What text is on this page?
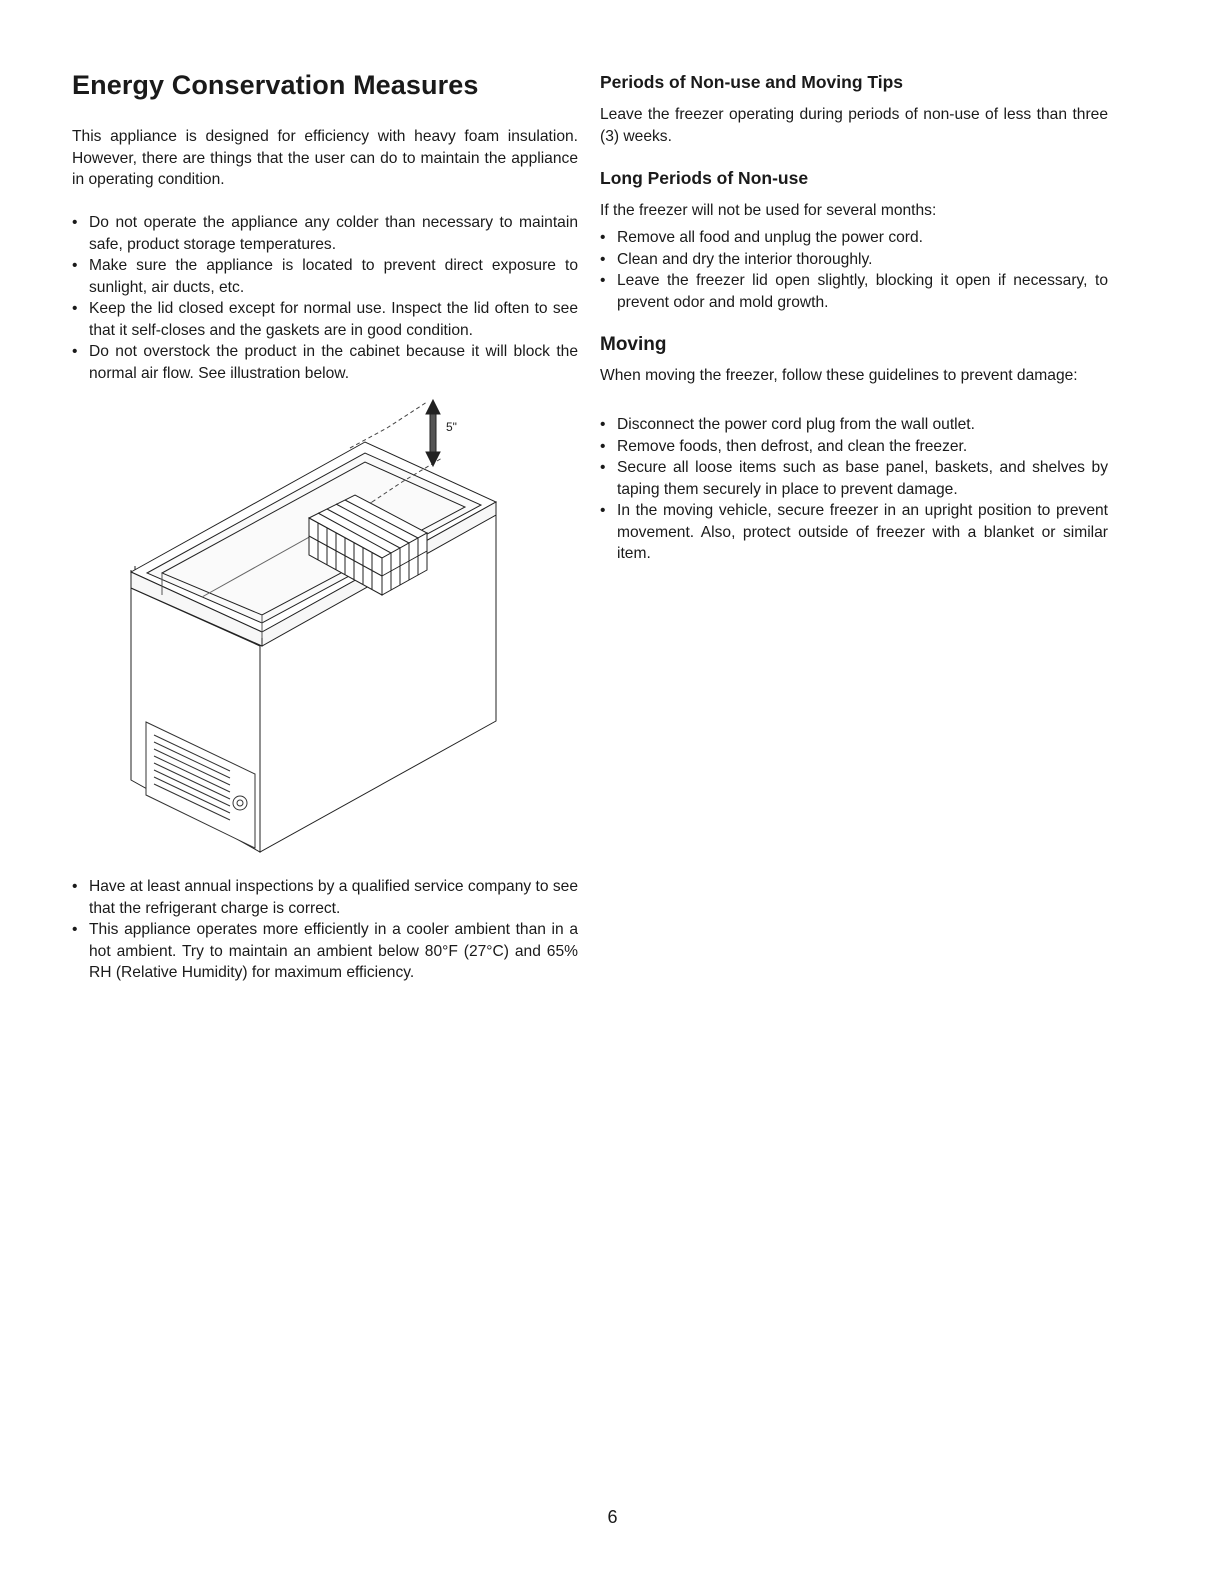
Energy Conservation Measures

This appliance is designed for efficiency with heavy foam insulation. However, there are things that the user can do to maintain the appliance in operating condition.

• Do not operate the appliance any colder than necessary to maintain safe, product storage temperatures.
• Make sure the appliance is located to prevent direct exposure to sunlight, air ducts, etc.
• Keep the lid closed except for normal use. Inspect the lid often to see that it self-closes and the gaskets are in good condition.
• Do not overstock the product in the cabinet because it will block the normal air flow. See illustration below.
5"
• Have at least annual inspections by a qualified service company to see that the refrigerant charge is correct.
• This appliance operates more efficiently in a cooler ambient than in a hot ambient. Try to maintain an ambient below 80°F (27°C) and 65% RH (Relative Humidity) for maximum efficiency.
Periods of Non-use and Moving Tips

Leave the freezer operating during periods of non-use of less than three (3) weeks.

Long Periods of Non-use

If the freezer will not be used for several months:

• Remove all food and unplug the power cord.
• Clean and dry the interior thoroughly.
• Leave the freezer lid open slightly, blocking it open if necessary, to prevent odor and mold growth.
Moving

When moving the freezer, follow these guidelines to prevent damage:

• Disconnect the power cord plug from the wall outlet.
• Remove foods, then defrost, and clean the freezer.
• Secure all loose items such as base panel, baskets, and shelves by taping them securely in place to prevent damage.
• In the moving vehicle, secure freezer in an upright position to prevent movement. Also, protect outside of freezer with a blanket or similar item.
6
